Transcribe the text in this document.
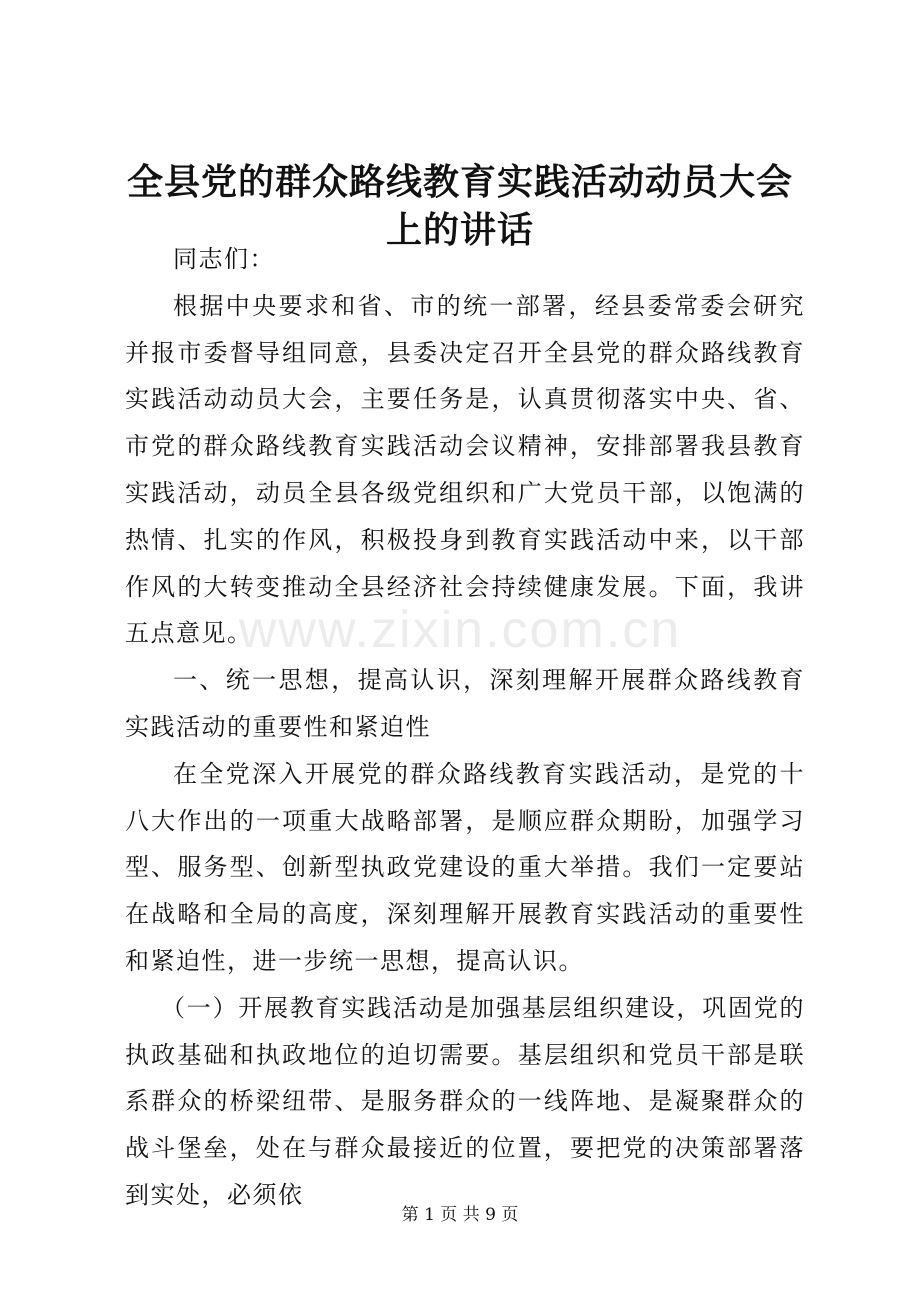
全县党的群众路线教育实践活动动员大会上的讲话

同志们：

根据中央要求和省、市的统一部署，经县委常委会研究并报市委督导组同意，县委决定召开全县党的群众路线教育实践活动动员大会，主要任务是，认真贯彻落实中央、省、市党的群众路线教育实践活动会议精神，安排部署我县教育实践活动，动员全县各级党组织和广大党员干部，以饱满的热情、扎实的作风，积极投身到教育实践活动中来，以干部作风的大转变推动全县经济社会持续健康发展。下面，我讲五点意见。

一、统一思想，提高认识，深刻理解开展群众路线教育实践活动的重要性和紧迫性

在全党深入开展党的群众路线教育实践活动，是党的十八大作出的一项重大战略部署，是顺应群众期盼，加强学习型、服务型、创新型执政党建设的重大举措。我们一定要站在战略和全局的高度，深刻理解开展教育实践活动的重要性和紧迫性，进一步统一思想，提高认识。

（一）开展教育实践活动是加强基层组织建设，巩固党的执政基础和执政地位的迫切需要。基层组织和党员干部是联系群众的桥梁纽带、是服务群众的一线阵地、是凝聚群众的战斗堡垒，处在与群众最接近的位置，要把党的决策部署落到实处，必须依

www.zixin.com.cn
第 1 页 共 9 页
